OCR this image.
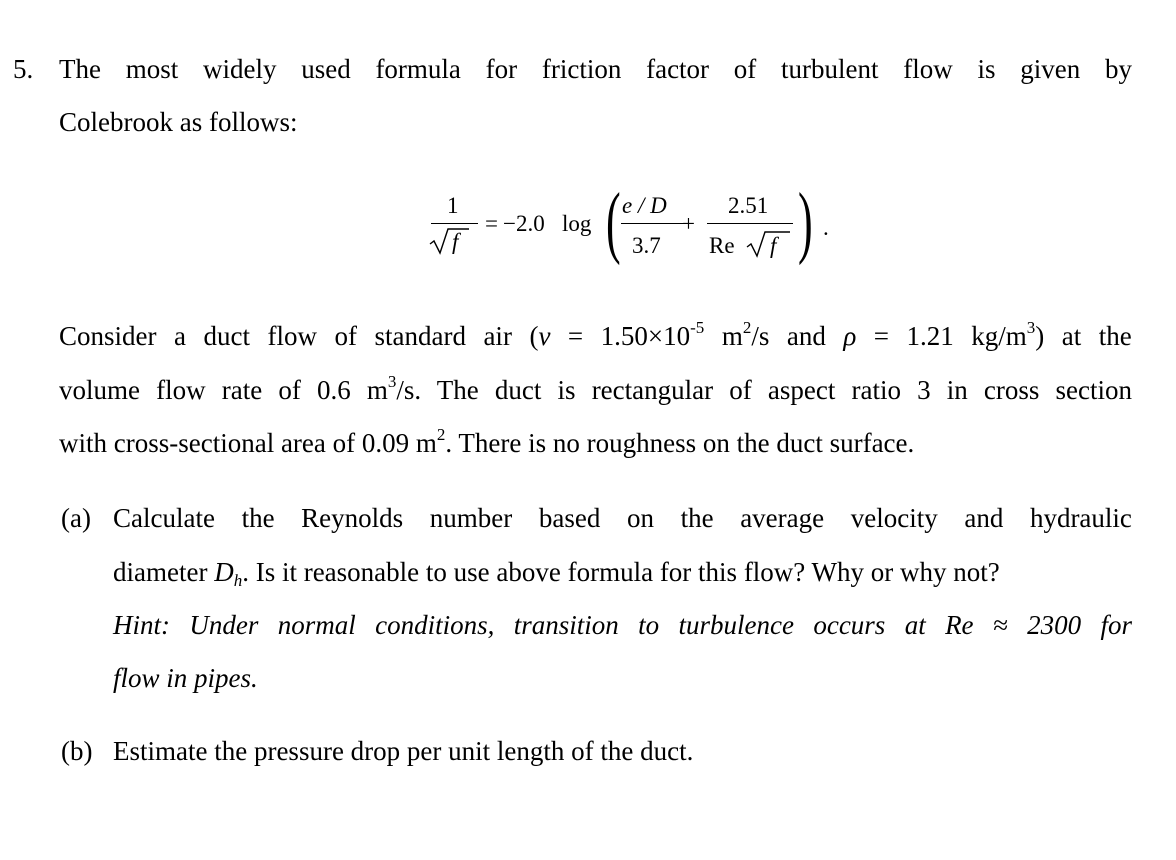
5. The most widely used formula for friction factor of turbulent flow is given by
Colebrook as follows:
1
f
= −2.0 log ( e / D
3.7
+
2.51
Re f ) .
Consider a duct flow of standard air ($\nu = 1.50\times 10^{-5}$ $m^2/s$ and ρ = 1.21 $kg/m^3$) at the
volume flow rate of 0.6 $m^3/s$. The duct is rectangular of aspect ratio 3 in cross section
with cross-sectional area of 0.09 $m^2$. There is no roughness on the duct surface.
(a) Calculate the Reynolds number based on the average velocity and hydraulic
diameter $D_h$. Is it reasonable to use above formula for this flow? Why or why not?
Hint: Under normal conditions, transition to turbulence occurs at Re ≈ 2300 for
flow in pipes.
(b) Estimate the pressure drop per unit length of the duct.
